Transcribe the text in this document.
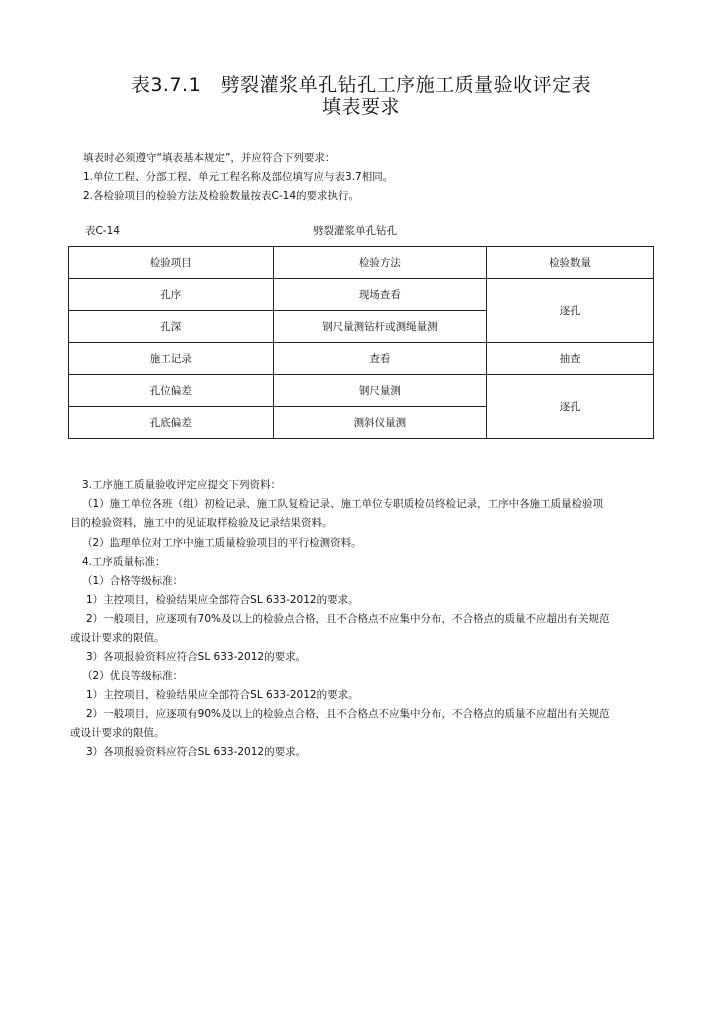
表3.7.1　劈裂灌浆单孔钻孔工序施工质量验收评定表
填表要求

填表时必须遵守“填表基本规定”，并应符合下列要求：

1.单位工程、分部工程、单元工程名称及部位填写应与表3.7相同。

2.各检验项目的检验方法及检验数量按表C-14的要求执行。

表C-14	劈裂灌浆单孔钻孔
检验项目	检验方法	检验数量
孔序	现场查看	逐孔
孔深	钢尺量测钻杆或测绳量测	
施工记录	查看	抽查
孔位偏差	钢尺量测	逐孔
孔底偏差	测斜仪量测	

3.工序施工质量验收评定应提交下列资料：

（1）施工单位各班（组）初检记录、施工队复检记录、施工单位专职质检员终检记录，工序中各施工质量检验项

目的检验资料，施工中的见证取样检验及记录结果资料。

（2）监理单位对工序中施工质量检验项目的平行检测资料。

4.工序质量标准：

（1）合格等级标准：

1）主控项目，检验结果应全部符合SL 633-2012的要求。

2）一般项目，应逐项有70%及以上的检验点合格，且不合格点不应集中分布，不合格点的质量不应超出有关规范

或设计要求的限值。

3）各项报验资料应符合SL 633-2012的要求。

（2）优良等级标准：

1）主控项目，检验结果应全部符合SL 633-2012的要求。

2）一般项目，应逐项有90%及以上的检验点合格，且不合格点不应集中分布，不合格点的质量不应超出有关规范

或设计要求的限值。

3）各项报验资料应符合SL 633-2012的要求。
